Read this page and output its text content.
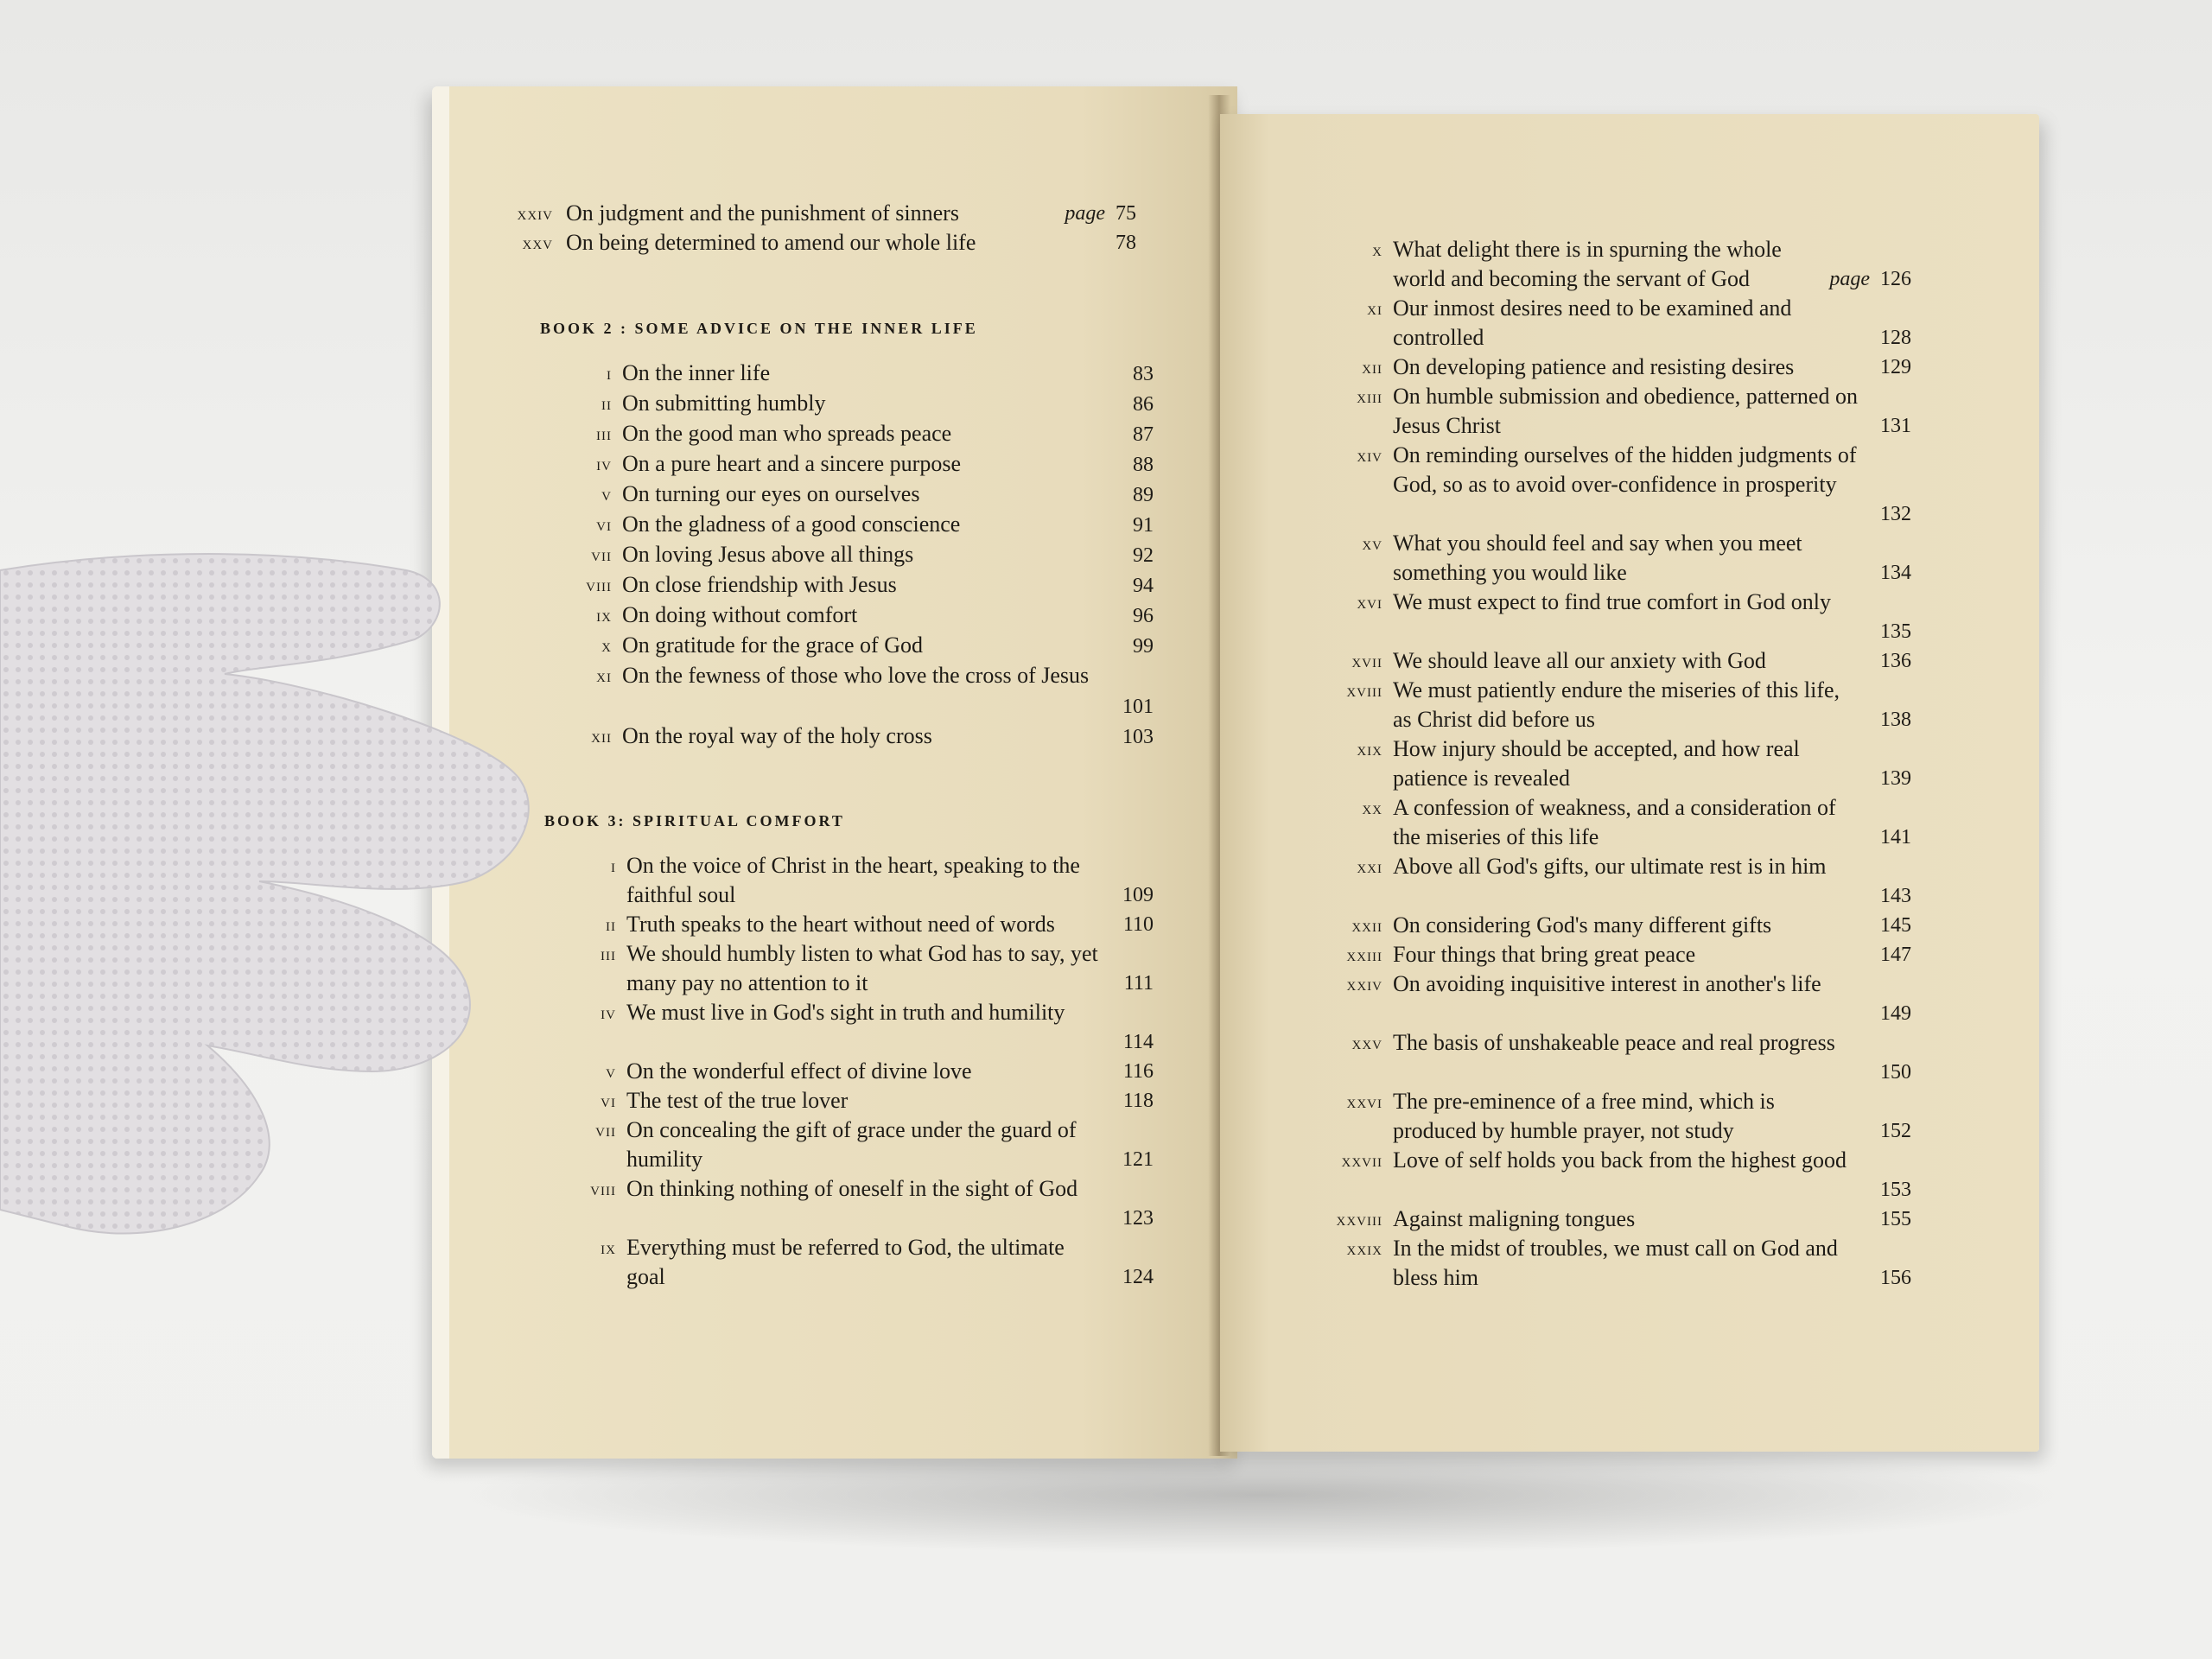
xxiv On judgment and the punishment of sinners	page 75
xxv On being determined to amend our whole life	78
BOOK 2 : SOME ADVICE ON THE INNER LIFE
i On the inner life	83
ii On submitting humbly	86
iii On the good man who spreads peace	87
iv On a pure heart and a sincere purpose	88
v On turning our eyes on ourselves	89
vi On the gladness of a good conscience	91
vii On loving Jesus above all things	92
viii On close friendship with Jesus	94
ix On doing without comfort	96
x On gratitude for the grace of God	99
xi On the fewness of those who love the cross of Jesus
101
xii On the royal way of the holy cross	103
BOOK 3: SPIRITUAL COMFORT
i On the voice of Christ in the heart, speaking to the faithful soul	109
ii Truth speaks to the heart without need of words	110
iii We should humbly listen to what God has to say, yet many pay no attention to it	111
iv We must live in God's sight in truth and humility
114
v On the wonderful effect of divine love	116
vi The test of the true lover	118
vii On concealing the gift of grace under the guard of humility	121
viii On thinking nothing of oneself in the sight of God
123
ix Everything must be referred to God, the ultimate goal	124
x What delight there is in spurning the whole world and becoming the servant of God	page 126
xi Our inmost desires need to be examined and controlled	128
xii On developing patience and resisting desires	129
xiii On humble submission and obedience, patterned on Jesus Christ	131
xiv On reminding ourselves of the hidden judgments of God, so as to avoid over-confidence in prosperity
132
xv What you should feel and say when you meet something you would like	134
xvi We must expect to find true comfort in God only
135
xvii We should leave all our anxiety with God	136
xviii We must patiently endure the miseries of this life, as Christ did before us	138
xix How injury should be accepted, and how real patience is revealed	139
xx A confession of weakness, and a consideration of the miseries of this life	141
xxi Above all God's gifts, our ultimate rest is in him
143
xxii On considering God's many different gifts	145
xxiii Four things that bring great peace	147
xxiv On avoiding inquisitive interest in another's life
149
xxv The basis of unshakeable peace and real progress
150
xxvi The pre-eminence of a free mind, which is produced by humble prayer, not study	152
xxvii Love of self holds you back from the highest good
153
xxviii Against maligning tongues	155
xxix In the midst of troubles, we must call on God and bless him	156
